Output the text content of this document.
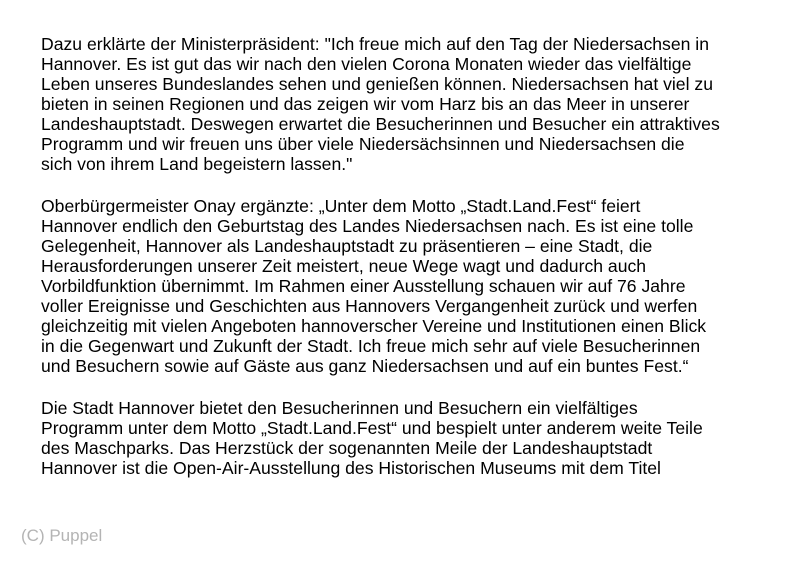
Dazu erklärte der Ministerpräsident: "Ich freue mich auf den Tag der Niedersachsen in
Hannover. Es ist gut das wir nach den vielen Corona Monaten wieder das vielfältige
Leben unseres Bundeslandes sehen und genießen können. Niedersachsen hat viel zu
bieten in seinen Regionen und das zeigen wir vom Harz bis an das Meer in unserer
Landeshauptstadt. Deswegen erwartet die Besucherinnen und Besucher ein attraktives
Programm und wir freuen uns über viele Niedersächsinnen und Niedersachsen die
sich von ihrem Land begeistern lassen."
Oberbürgermeister Onay ergänzte: „Unter dem Motto „Stadt.Land.Fest“ feiert
Hannover endlich den Geburtstag des Landes Niedersachsen nach. Es ist eine tolle
Gelegenheit, Hannover als Landeshauptstadt zu präsentieren – eine Stadt, die
Herausforderungen unserer Zeit meistert, neue Wege wagt und dadurch auch
Vorbildfunktion übernimmt. Im Rahmen einer Ausstellung schauen wir auf 76 Jahre
voller Ereignisse und Geschichten aus Hannovers Vergangenheit zurück und werfen
gleichzeitig mit vielen Angeboten hannoverscher Vereine und Institutionen einen Blick
in die Gegenwart und Zukunft der Stadt. Ich freue mich sehr auf viele Besucherinnen
und Besuchern sowie auf Gäste aus ganz Niedersachsen und auf ein buntes Fest.“
Die Stadt Hannover bietet den Besucherinnen und Besuchern ein vielfältiges
Programm unter dem Motto „Stadt.Land.Fest“ und bespielt unter anderem weite Teile
des Maschparks. Das Herzstück der sogenannten Meile der Landeshauptstadt
Hannover ist die Open-Air-Ausstellung des Historischen Museums mit dem Titel
(C) Puppel
